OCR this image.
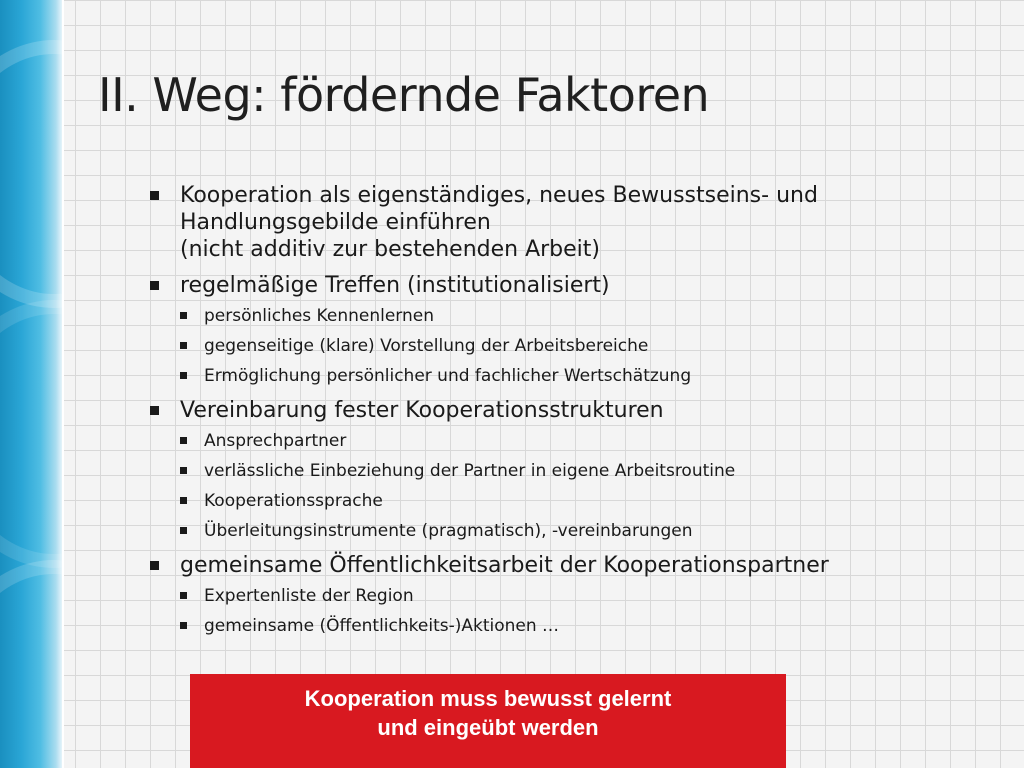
II. Weg: fördernde Faktoren
Kooperation als eigenständiges, neues Bewusstseins- und
Handlungsgebilde einführen
(nicht additiv zur bestehenden Arbeit)
regelmäßige Treffen (institutionalisiert)
persönliches Kennenlernen
gegenseitige (klare) Vorstellung der Arbeitsbereiche
Ermöglichung persönlicher und fachlicher Wertschätzung
Vereinbarung fester Kooperationsstrukturen
Ansprechpartner
verlässliche Einbeziehung der Partner in eigene Arbeitsroutine
Kooperationssprache
Überleitungsinstrumente (pragmatisch), -vereinbarungen
gemeinsame Öffentlichkeitsarbeit der Kooperationspartner
Expertenliste der Region
gemeinsame (Öffentlichkeits-)Aktionen …
Kooperation muss bewusst gelernt
und eingeübt werden
